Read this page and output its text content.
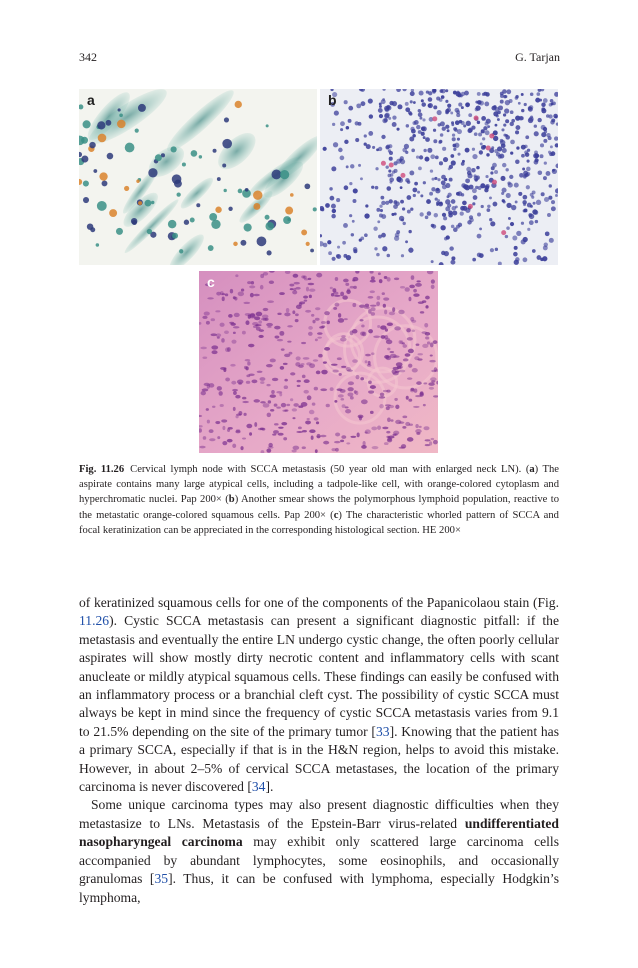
342	G. Tarjan
a	b
c
Fig. 11.26 Cervical lymph node with SCCA metastasis (50 year old man with enlarged neck LN). (a) The aspirate contains many large atypical cells, including a tadpole-like cell, with orange-colored cytoplasm and hyperchromatic nuclei. Pap 200× (b) Another smear shows the polymorphous lymphoid population, reactive to the metastatic orange-colored squamous cells. Pap 200× (c) The characteristic whorled pattern of SCCA and focal keratinization can be appreciated in the corresponding histological section. HE 200×

of keratinized squamous cells for one of the components of the Papanicolaou stain (Fig. 11.26). Cystic SCCA metastasis can present a significant diagnostic pitfall: if the metastasis and eventually the entire LN undergo cystic change, the often poorly cellular aspirates will show mostly dirty necrotic content and inflammatory cells with scant anucleate or mildly atypical squamous cells. These findings can easily be confused with an inflammatory process or a branchial cleft cyst. The possibility of cystic SCCA must always be kept in mind since the frequency of cystic SCCA metastasis varies from 9.1 to 21.5% depending on the site of the primary tumor [33]. Knowing that the patient has a primary SCCA, especially if that is in the H&N region, helps to avoid this mistake. However, in about 2–5% of cervical SCCA metastases, the location of the primary carcinoma is never discovered [34].

Some unique carcinoma types may also present diagnostic difficulties when they metastasize to LNs. Metastasis of the Epstein-Barr virus-related undifferentiated nasopharyngeal carcinoma may exhibit only scattered large carcinoma cells accompanied by abundant lymphocytes, some eosinophils, and occasionally granulomas [35]. Thus, it can be confused with lymphoma, especially Hodgkin’s lymphoma,
